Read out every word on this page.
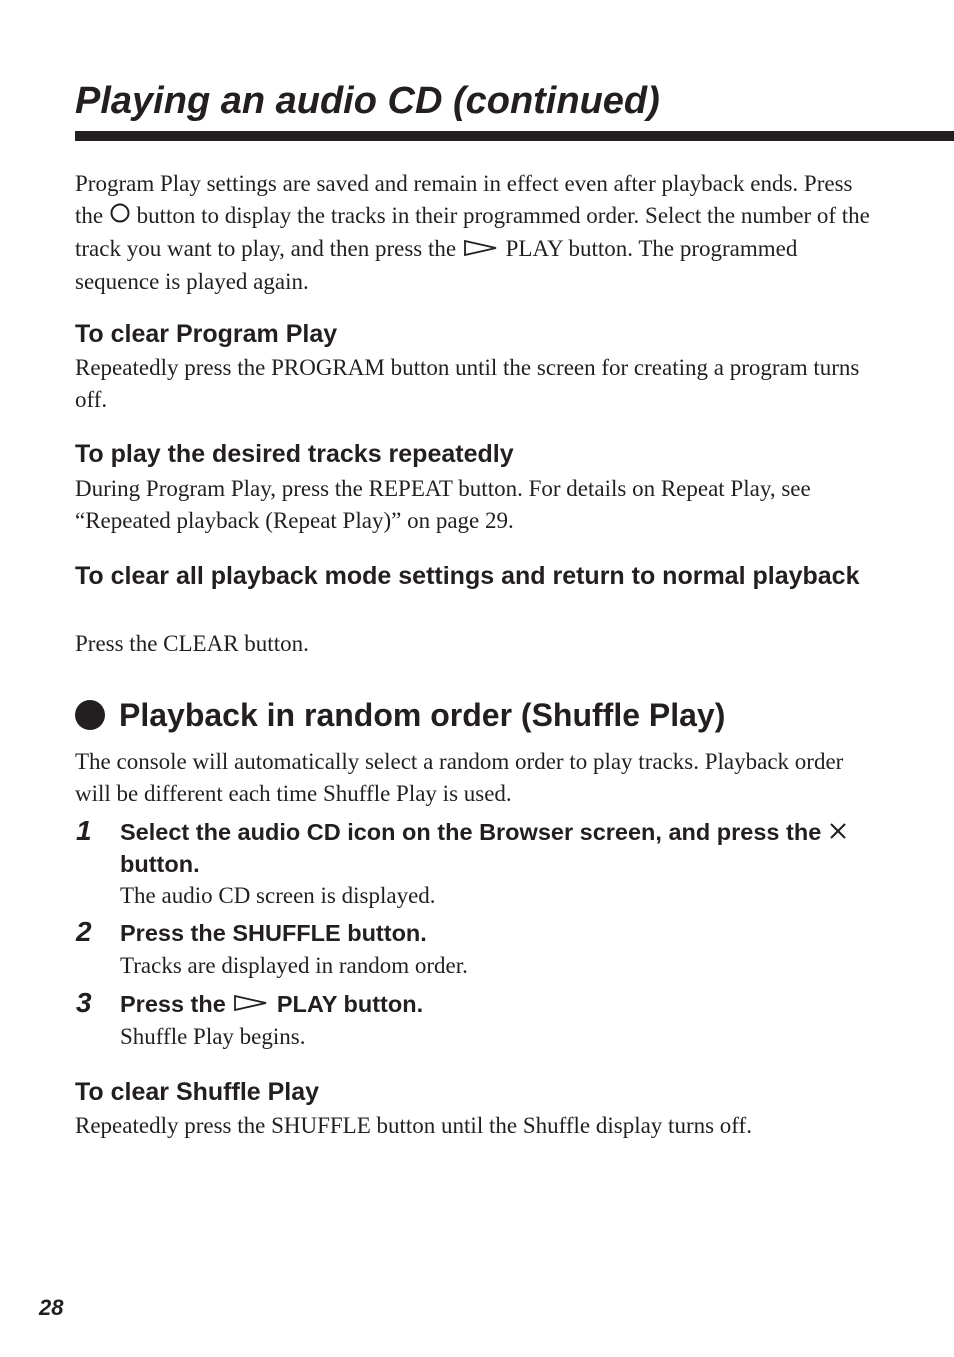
Playing an audio CD (continued)

Program Play settings are saved and remain in effect even after playback ends. Press the  button to display the tracks in their programmed order. Select the number of the track you want to play, and then press the  PLAY button. The programmed sequence is played again.

To clear Program Play

Repeatedly press the PROGRAM button until the screen for creating a program turns off.

To play the desired tracks repeatedly

During Program Play, press the REPEAT button. For details on Repeat Play, see “Repeated playback (Repeat Play)” on page 29.

To clear all playback mode settings and return to normal playback

Press the CLEAR button.

Playback in random order (Shuffle Play)

The console will automatically select a random order to play tracks. Playback order will be different each time Shuffle Play is used.

1 Select the audio CD icon on the Browser screen, and press the  button.

The audio CD screen is displayed.

2 Press the SHUFFLE button.

Tracks are displayed in random order.

3 Press the  PLAY button.

Shuffle Play begins.

To clear Shuffle Play

Repeatedly press the SHUFFLE button until the Shuffle display turns off.

28
